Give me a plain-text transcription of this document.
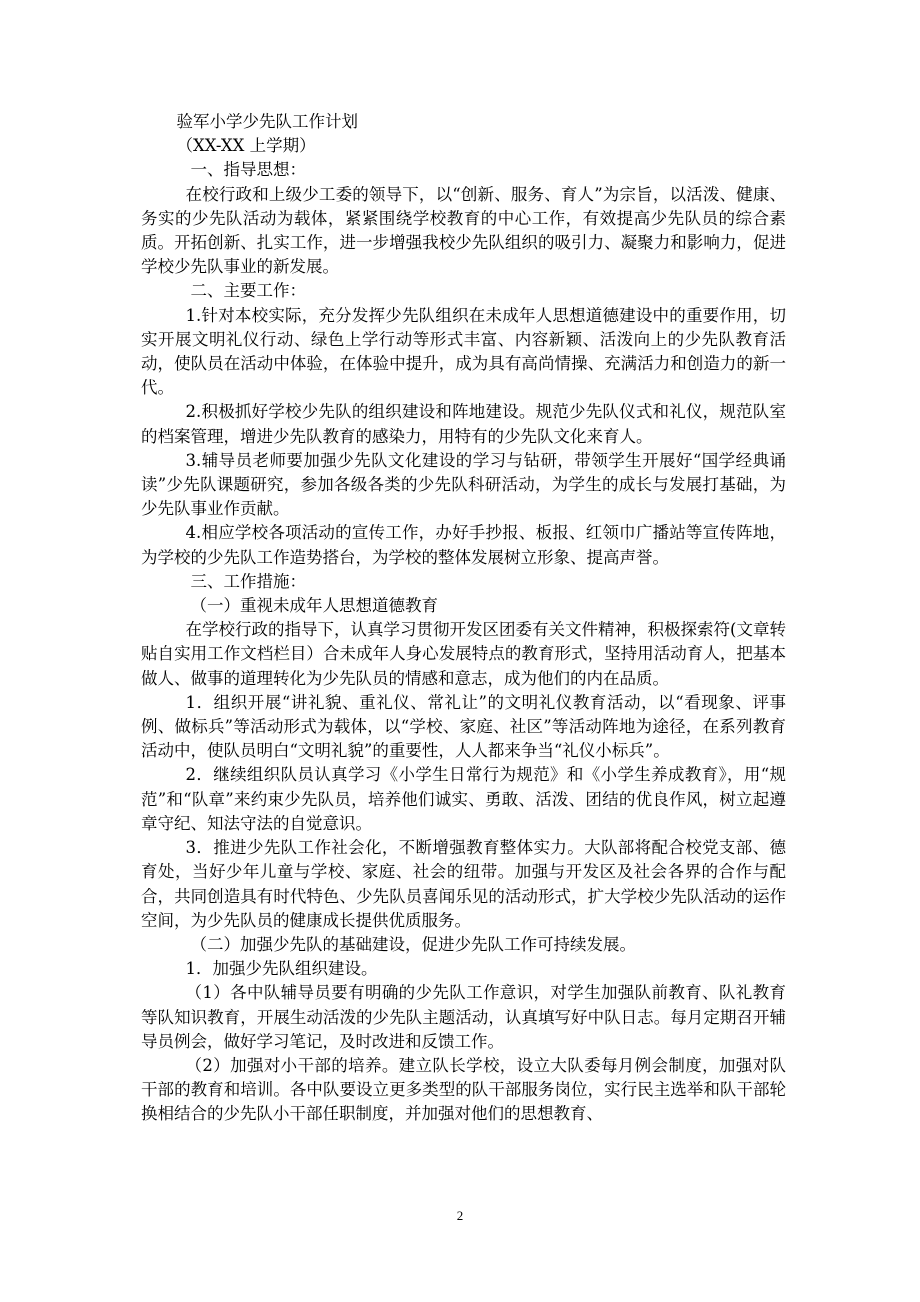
验军小学少先队工作计划

（XX-XX 上学期）

一、指导思想：

在校行政和上级少工委的领导下，以“创新、服务、育人”为宗旨，以活泼、健康、务实的少先队活动为载体，紧紧围绕学校教育的中心工作，有效提高少先队员的综合素质。开拓创新、扎实工作，进一步增强我校少先队组织的吸引力、凝聚力和影响力，促进学校少先队事业的新发展。

二、主要工作：

1.针对本校实际，充分发挥少先队组织在未成年人思想道德建设中的重要作用，切实开展文明礼仪行动、绿色上学行动等形式丰富、内容新颖、活泼向上的少先队教育活动，使队员在活动中体验，在体验中提升，成为具有高尚情操、充满活力和创造力的新一代。

2.积极抓好学校少先队的组织建设和阵地建设。规范少先队仪式和礼仪，规范队室的档案管理，增进少先队教育的感染力，用特有的少先队文化来育人。

3.辅导员老师要加强少先队文化建设的学习与钻研，带领学生开展好“国学经典诵读”少先队课题研究，参加各级各类的少先队科研活动，为学生的成长与发展打基础，为少先队事业作贡献。

4.相应学校各项活动的宣传工作，办好手抄报、板报、红领巾广播站等宣传阵地，为学校的少先队工作造势搭台，为学校的整体发展树立形象、提高声誉。

三、工作措施：

（一）重视未成年人思想道德教育

在学校行政的指导下，认真学习贯彻开发区团委有关文件精神，积极探索符(文章转贴自实用工作文档栏目）合未成年人身心发展特点的教育形式，坚持用活动育人，把基本做人、做事的道理转化为少先队员的情感和意志，成为他们的内在品质。

1．组织开展“讲礼貌、重礼仪、常礼让”的文明礼仪教育活动，以“看现象、评事例、做标兵”等活动形式为载体，以“学校、家庭、社区”等活动阵地为途径，在系列教育活动中，使队员明白“文明礼貌”的重要性，人人都来争当“礼仪小标兵”。

2．继续组织队员认真学习《小学生日常行为规范》和《小学生养成教育》，用“规范”和“队章”来约束少先队员，培养他们诚实、勇敢、活泼、团结的优良作风，树立起遵章守纪、知法守法的自觉意识。

3．推进少先队工作社会化，不断增强教育整体实力。大队部将配合校党支部、德育处，当好少年儿童与学校、家庭、社会的纽带。加强与开发区及社会各界的合作与配合，共同创造具有时代特色、少先队员喜闻乐见的活动形式，扩大学校少先队活动的运作空间，为少先队员的健康成长提供优质服务。

（二）加强少先队的基础建设，促进少先队工作可持续发展。

1．加强少先队组织建设。

（1）各中队辅导员要有明确的少先队工作意识，对学生加强队前教育、队礼教育等队知识教育，开展生动活泼的少先队主题活动，认真填写好中队日志。每月定期召开辅导员例会，做好学习笔记，及时改进和反馈工作。

（2）加强对小干部的培养。建立队长学校，设立大队委每月例会制度，加强对队干部的教育和培训。各中队要设立更多类型的队干部服务岗位，实行民主选举和队干部轮换相结合的少先队小干部任职制度，并加强对他们的思想教育、

2
